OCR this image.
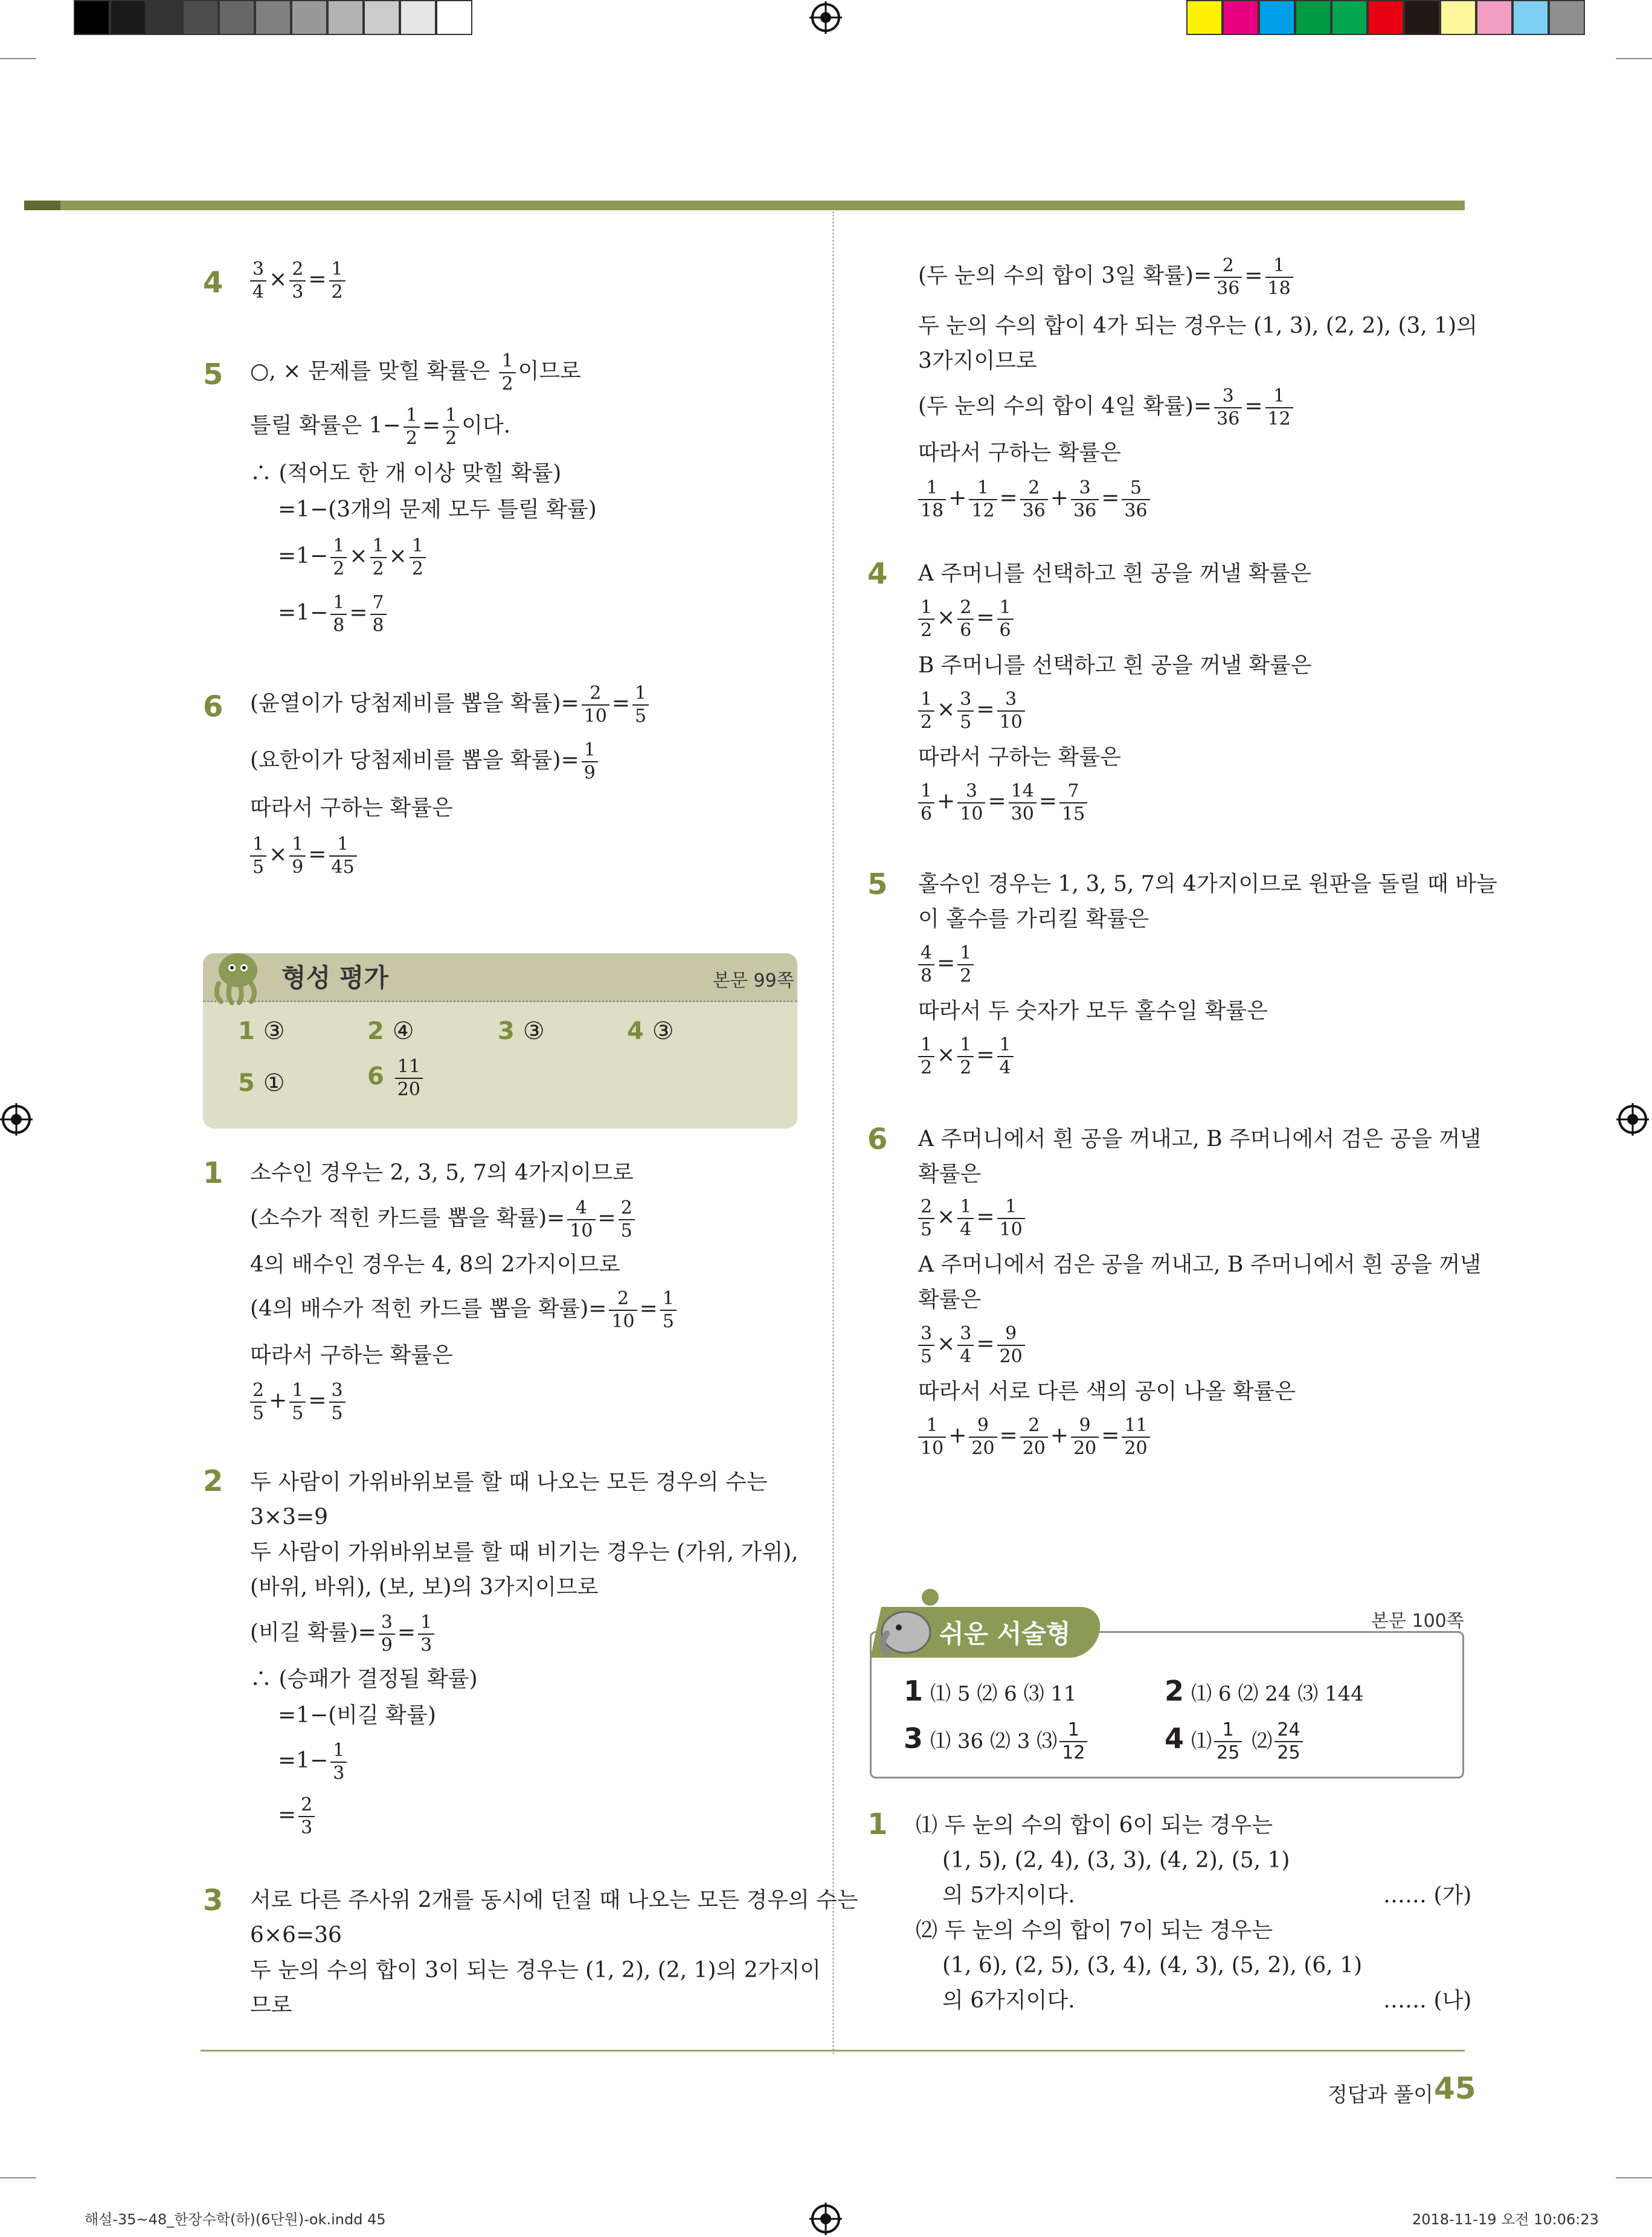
$4 \frac{3}{4} \times \frac{2}{3} = \frac{1}{2}$
5 ○, × 문제를 맞힐 확률은 $\frac{1}{2}$ 이므로
틀릴 확률은 $1- \frac{1}{2} = \frac{1}{2}$ 이다.
∴ (적어도 한 개 이상 맞힐 확률)
=1−(3개의 문제 모두 틀릴 확률)
$=1- \frac{1}{2} \times \frac{1}{2} \times \frac{1}{2}$
$=1- \frac{1}{8} = \frac{7}{8}$
6 (윤열이가 당첨제비를 뽑을 확률)= $\frac{2}{10} = \frac{1}{5}$
(요한이가 당첨제비를 뽑을 확률)= $\frac{1}{9}$
따라서 구하는 확률은
$\frac{1}{5} \times \frac{1}{9} = \frac{1}{45}$
형성 평가	본문 99쪽
1 ③	2 ④	3 ③	4 ③
5 ①	$6 \frac{11}{20}$
1 소수인 경우는 2, 3, 5, 7의 4가지이므로
(소수가 적힌 카드를 뽑을 확률)= $\frac{4}{10} = \frac{2}{5}$
4의 배수인 경우는 4, 8의 2가지이므로
(4의 배수가 적힌 카드를 뽑을 확률)= $\frac{2}{10} = \frac{1}{5}$
따라서 구하는 확률은
$\frac{2}{5} + \frac{1}{5} = \frac{3}{5}$
2 두 사람이 가위바위보를 할 때 나오는 모든 경우의 수는
3×3=9
두 사람이 가위바위보를 할 때 비기는 경우는 (가위, 가위),
(바위, 바위), (보, 보)의 3가지이므로
(비길 확률)= $\frac{3}{9} = \frac{1}{3}$
∴ (승패가 결정될 확률)
=1−(비길 확률)
$=1- \frac{1}{3}$
= $\frac{2}{3}$
3 서로 다른 주사위 2개를 동시에 던질 때 나오는 모든 경우의 수는
6×6=36
두 눈의 수의 합이 3이 되는 경우는 (1, 2), (2, 1)의 2가지이
므로
(두 눈의 수의 합이 3일 확률)= $\frac{2}{36} = \frac{1}{18}$
두 눈의 수의 합이 4가 되는 경우는 (1, 3), (2, 2), (3, 1)의
3가지이므로
(두 눈의 수의 합이 4일 확률)= $\frac{3}{36} = \frac{1}{12}$
따라서 구하는 확률은
$\frac{1}{18} + \frac{1}{12} = \frac{2}{36} + \frac{3}{36} = \frac{5}{36}$
4 A 주머니를 선택하고 흰 공을 꺼낼 확률은
$\frac{1}{2} \times \frac{2}{6} = \frac{1}{6}$
B 주머니를 선택하고 흰 공을 꺼낼 확률은
$\frac{1}{2} \times \frac{3}{5} = \frac{3}{10}$
따라서 구하는 확률은
$\frac{1}{6} + \frac{3}{10} = \frac{14}{30} = \frac{7}{15}$
5 홀수인 경우는 1, 3, 5, 7의 4가지이므로 원판을 돌릴 때 바늘
이 홀수를 가리킬 확률은
$\frac{4}{8} = \frac{1}{2}$
따라서 두 숫자가 모두 홀수일 확률은
$\frac{1}{2} \times \frac{1}{2} = \frac{1}{4}$
6 A 주머니에서 흰 공을 꺼내고, B 주머니에서 검은 공을 꺼낼
확률은
$\frac{2}{5} \times \frac{1}{4} = \frac{1}{10}$
A 주머니에서 검은 공을 꺼내고, B 주머니에서 흰 공을 꺼낼
확률은
$\frac{3}{5} \times \frac{3}{4} = \frac{9}{20}$
따라서 서로 다른 색의 공이 나올 확률은
$\frac{1}{10} + \frac{9}{20} = \frac{2}{20} + \frac{9}{20} = \frac{11}{20}$
쉬운 서술형	본문 100쪽
1 ⑴ 5 ⑵ 6 ⑶ 11	2 ⑴ 6 ⑵ 24 ⑶ 144
3 ⑴ 36 ⑵ 3 ⑶ $\frac{1}{12}$	4 ⑴ $\frac{1}{25}$ ⑵ $\frac{24}{25}$
1 ⑴ 두 눈의 수의 합이 6이 되는 경우는
(1, 5), (2, 4), (3, 3), (4, 2), (5, 1)
의 5가지이다.	…… (가)
⑵ 두 눈의 수의 합이 7이 되는 경우는
(1, 6), (2, 5), (3, 4), (4, 3), (5, 2), (6, 1)
의 6가지이다.	…… (나)
정답과 풀이 45
해설-35~48_한장수학(하)(6단원)-ok.indd 45	2018-11-19 오전 10:06:23
